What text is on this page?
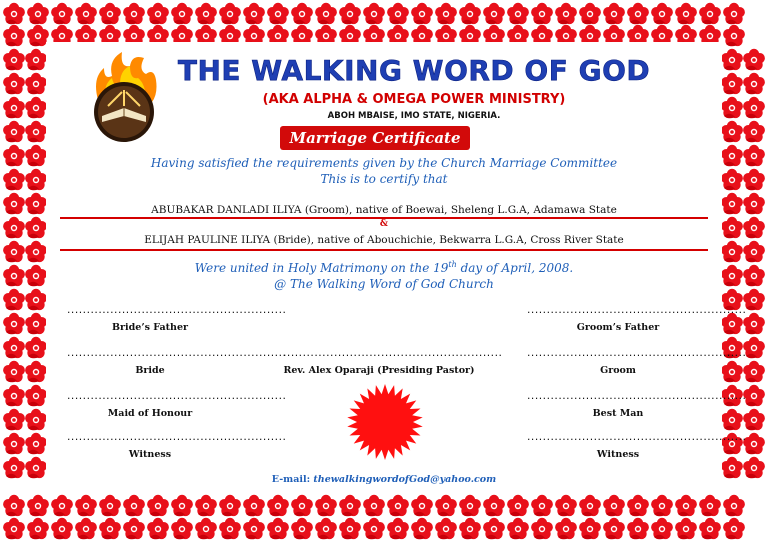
THE WALKING WORD OF GOD
(AKA ALPHA & OMEGA POWER MINISTRY)
ABOH MBAISE, IMO STATE, NIGERIA.
Marriage Certificate
Having satisfied the requirements given by the Church Marriage Committee
This is to certify that
ABUBAKAR DANLADI ILIYA (Groom), native of Boewai, Sheleng L.G.A, Adamawa State
&
ELIJAH PAULINE ILIYA (Bride), native of Abouchichie, Bekwarra L.G.A, Cross River State
Were united in Holy Matrimony on the 19th day of April, 2008.
@ The Walking Word of God Church
........................................................
Bride’s Father
........................................................
Groom’s Father
........................................................
Bride
........................................................
Rev. Alex Oparaji (Presiding Pastor)
........................................................
Groom
........................................................
Maid of Honour
........................................................
Best Man
........................................................
Witness
........................................................
Witness
E-mail: thewalkingwordofGod@yahoo.com
